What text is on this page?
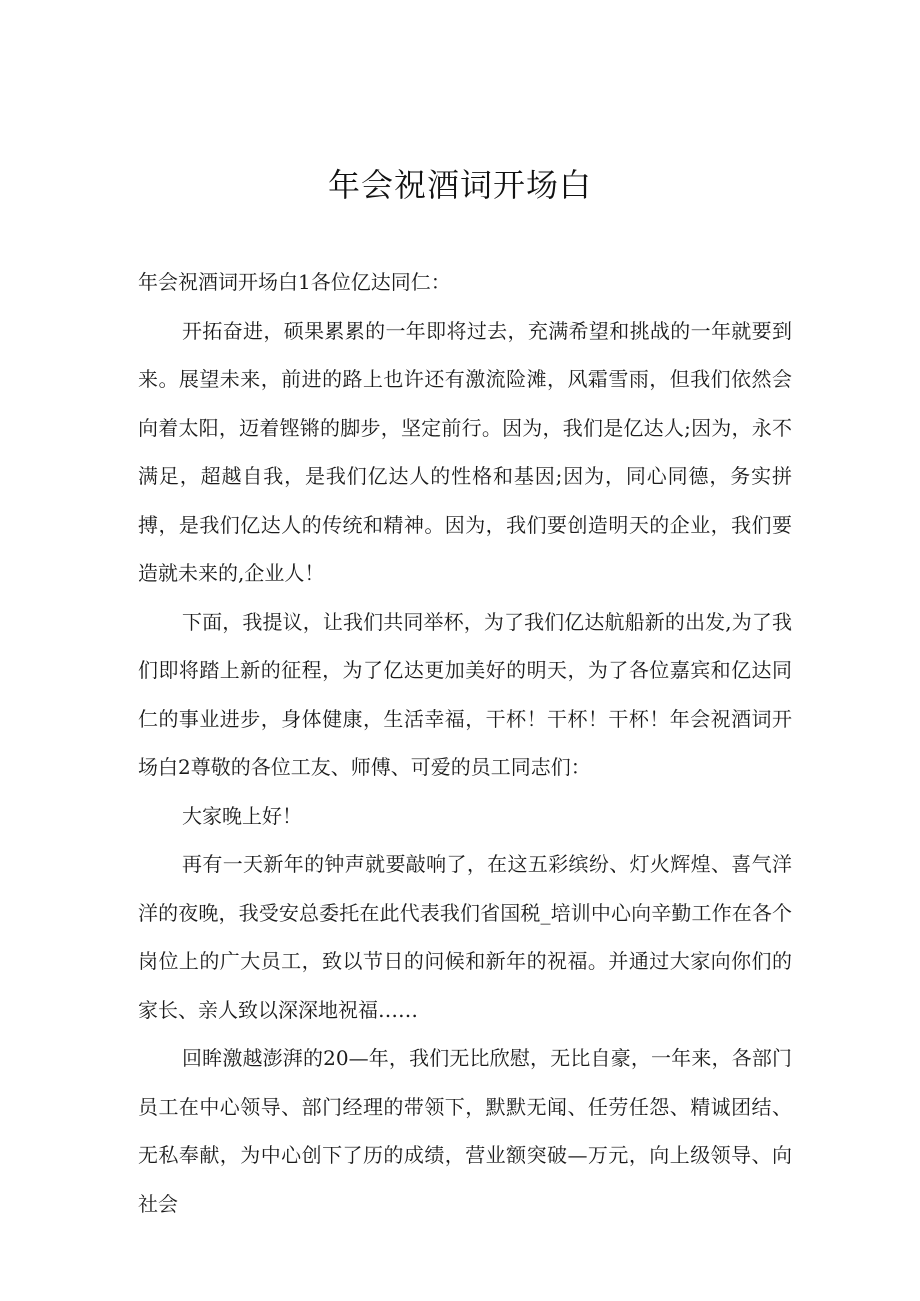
年会祝酒词开场白

年会祝酒词开场白1各位亿达同仁：

开拓奋进，硕果累累的一年即将过去，充满希望和挑战的一年就要到来。展望未来，前进的路上也许还有激流险滩，风霜雪雨，但我们依然会向着太阳，迈着铿锵的脚步，坚定前行。因为，我们是亿达人;因为，永不满足，超越自我，是我们亿达人的性格和基因;因为，同心同德，务实拼搏，是我们亿达人的传统和精神。因为，我们要创造明天的企业，我们要造就未来的,企业人！

下面，我提议，让我们共同举杯，为了我们亿达航船新的出发,为了我们即将踏上新的征程，为了亿达更加美好的明天，为了各位嘉宾和亿达同仁的事业进步，身体健康，生活幸福，干杯！干杯！干杯！年会祝酒词开场白2尊敬的各位工友、师傅、可爱的员工同志们：

大家晚上好！

再有一天新年的钟声就要敲响了，在这五彩缤纷、灯火辉煌、喜气洋洋的夜晚，我受安总委托在此代表我们省国税_培训中心向辛勤工作在各个岗位上的广大员工，致以节日的问候和新年的祝福。并通过大家向你们的家长、亲人致以深深地祝福……

回眸激越澎湃的20—年，我们无比欣慰，无比自豪，一年来，各部门员工在中心领导、部门经理的带领下，默默无闻、任劳任怨、精诚团结、无私奉献，为中心创下了历的成绩，营业额突破—万元，向上级领导、向社会
